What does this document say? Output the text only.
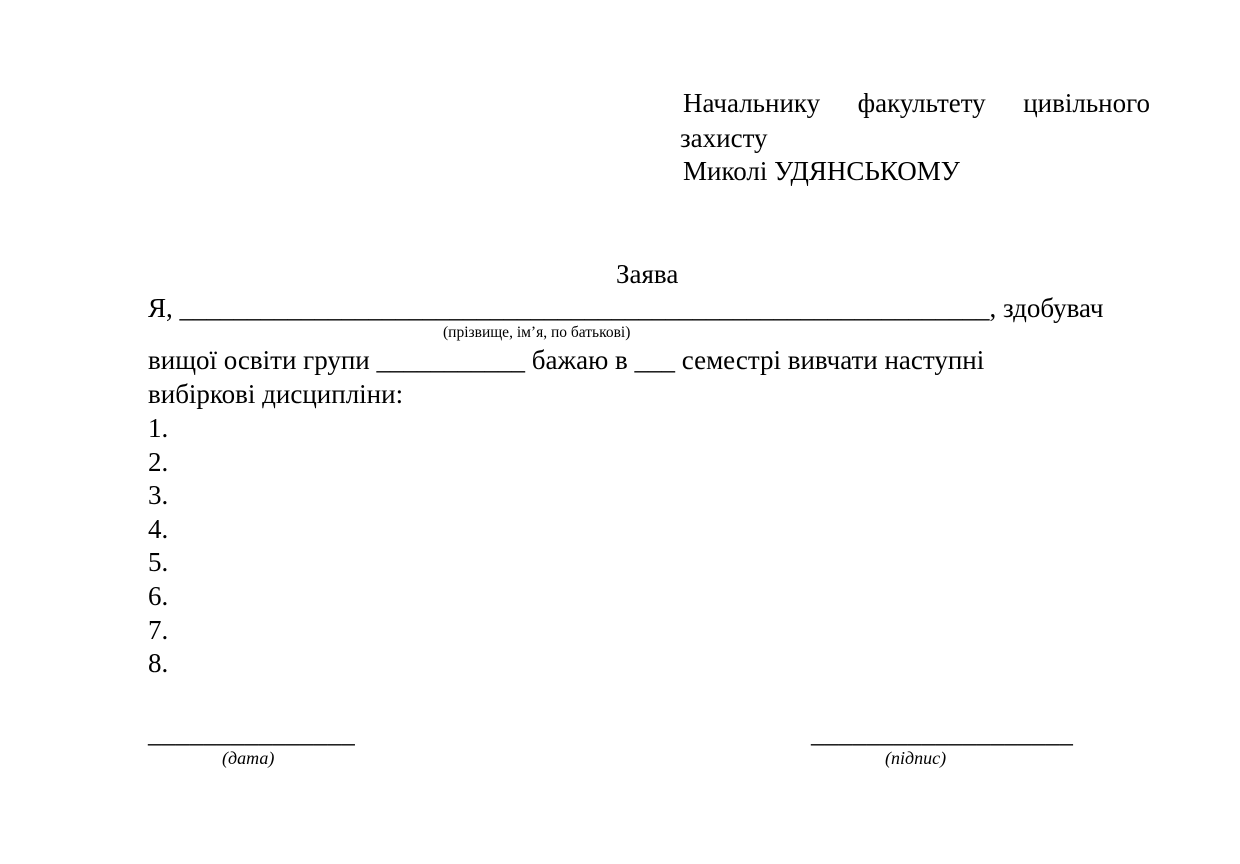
Начальнику факультету цивільного
захисту
Миколі УДЯНСЬКОМУ
Заява
Я, ____________________________________________________________, здобувач
(прізвище, ім’я, по батькові)
вищої освіти групи ___________ бажаю в ___ семестрі вивчати наступні
вибіркові дисципліни:
1.
2.
3.
4.
5.
6.
7.
8.
_______________
(дата)
___________________
(підпис)
